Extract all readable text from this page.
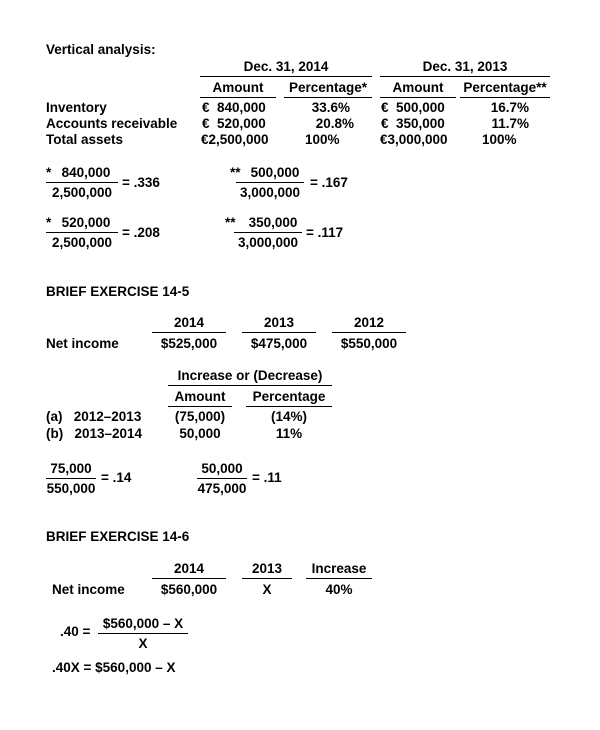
Vertical analysis:
Dec. 31, 2014	Dec. 31, 2013
Amount	Percentage*	Amount	Percentage**
Inventory	€  840,000	33.6% €  500,000	16.7%
Accounts receivable €  520,000	20.8% €  350,000	11.7%
Total assets	€2,500,000	100%	€3,000,000	100%
* 840,000
2,500,000
= .336
** 500,000
3,000,000
= .167
* 520,000
2,500,000
= .208
** 350,000
3,000,000
= .117
BRIEF EXERCISE 14-5
2014	2013	2012
Net income	$525,000	$475,000	$550,000
Increase or (Decrease)
Amount	Percentage
(a)   2012–2013	(75,000)	(14%)
(b)   2013–2014	50,000	11%
75,000
550,000
= .14
50,000
475,000
= .11
BRIEF EXERCISE 14-6
2014	2013	Increase
Net income	$560,000	X	40%
.40 =
$560,000 – X
X
.40X = $560,000 – X
